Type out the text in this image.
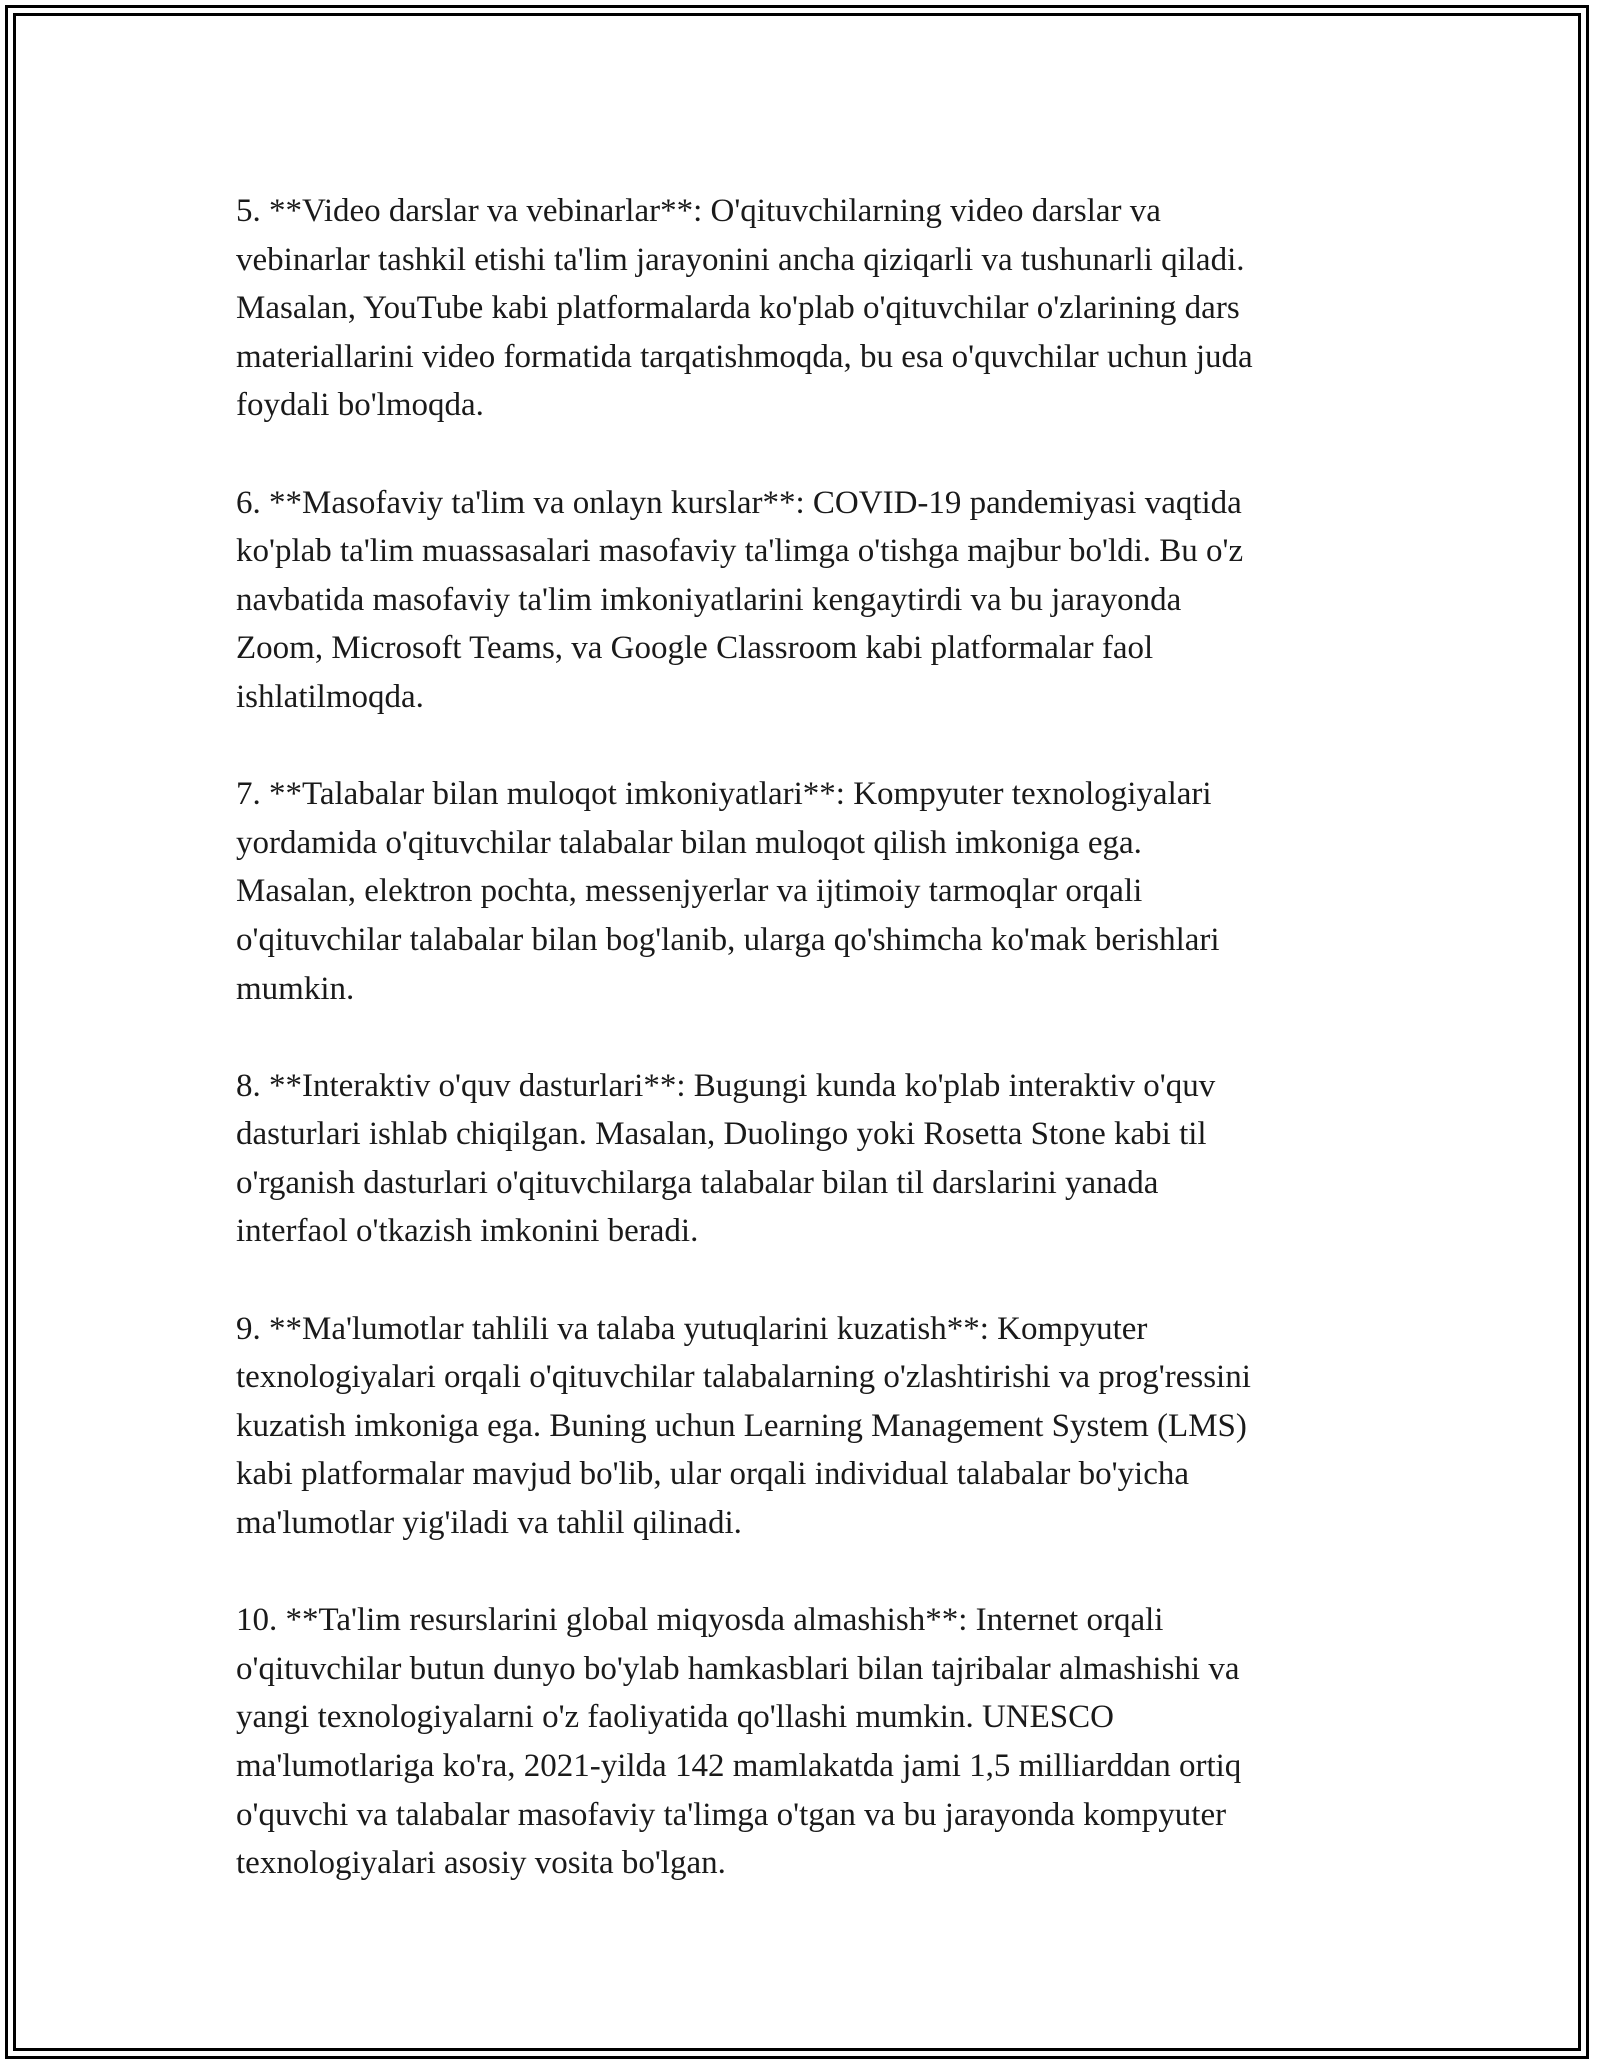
5. **Video darslar va vebinarlar**: O'qituvchilarning video darslar va
vebinarlar tashkil etishi ta'lim jarayonini ancha qiziqarli va tushunarli qiladi.
Masalan, YouTube kabi platformalarda ko'plab o'qituvchilar o'zlarining dars
materiallarini video formatida tarqatishmoqda, bu esa o'quvchilar uchun juda
foydali bo'lmoqda.

6. **Masofaviy ta'lim va onlayn kurslar**: COVID-19 pandemiyasi vaqtida
ko'plab ta'lim muassasalari masofaviy ta'limga o'tishga majbur bo'ldi. Bu o'z
navbatida masofaviy ta'lim imkoniyatlarini kengaytirdi va bu jarayonda
Zoom, Microsoft Teams, va Google Classroom kabi platformalar faol
ishlatilmoqda.

7. **Talabalar bilan muloqot imkoniyatlari**: Kompyuter texnologiyalari
yordamida o'qituvchilar talabalar bilan muloqot qilish imkoniga ega.
Masalan, elektron pochta, messenjyerlar va ijtimoiy tarmoqlar orqali
o'qituvchilar talabalar bilan bog'lanib, ularga qo'shimcha ko'mak berishlari
mumkin.

8. **Interaktiv o'quv dasturlari**: Bugungi kunda ko'plab interaktiv o'quv
dasturlari ishlab chiqilgan. Masalan, Duolingo yoki Rosetta Stone kabi til
o'rganish dasturlari o'qituvchilarga talabalar bilan til darslarini yanada
interfaol o'tkazish imkonini beradi.

9. **Ma'lumotlar tahlili va talaba yutuqlarini kuzatish**: Kompyuter
texnologiyalari orqali o'qituvchilar talabalarning o'zlashtirishi va prog'ressini
kuzatish imkoniga ega. Buning uchun Learning Management System (LMS)
kabi platformalar mavjud bo'lib, ular orqali individual talabalar bo'yicha
ma'lumotlar yig'iladi va tahlil qilinadi.

10. **Ta'lim resurslarini global miqyosda almashish**: Internet orqali
o'qituvchilar butun dunyo bo'ylab hamkasblari bilan tajribalar almashishi va
yangi texnologiyalarni o'z faoliyatida qo'llashi mumkin. UNESCO
ma'lumotlariga ko'ra, 2021-yilda 142 mamlakatda jami 1,5 milliarddan ortiq
o'quvchi va talabalar masofaviy ta'limga o'tgan va bu jarayonda kompyuter
texnologiyalari asosiy vosita bo'lgan.
